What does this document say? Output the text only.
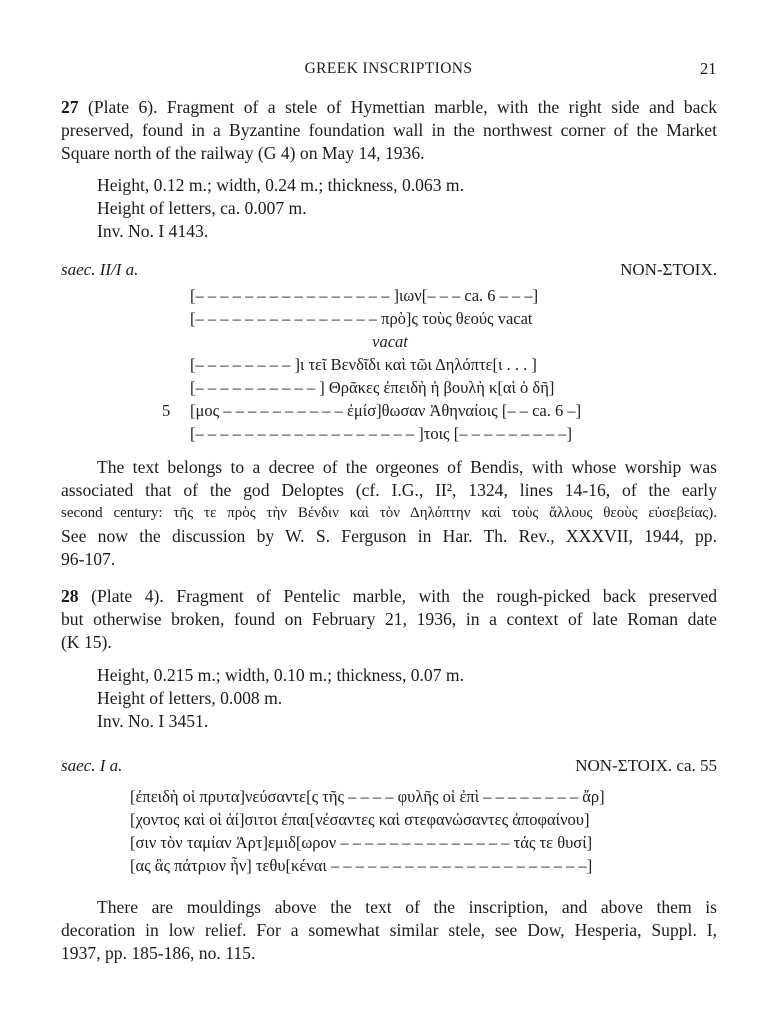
GREEK INSCRIPTIONS	21
27 (Plate 6). Fragment of a stele of Hymettian marble, with the right side and back
preserved, found in a Byzantine foundation wall in the northwest corner of the Market
Square north of the railway (G 4) on May 14, 1936.
Height, 0.12 m.; width, 0.24 m.; thickness, 0.063 m.
Height of letters, ca. 0.007 m.
Inv. No. I 4143.
saec. II/I a.	NON-ΣΤΟΙΧ.
[– – – – – – – – – – – – – – – – ]ιων[– – – ca. 6 – – –]
[– – – – – – – – – – – – – – – πρὸ]ς τοὺς θεούς vacat
vacat
[– – – – – – – – ]ι τεῖ Βενδῖδι καὶ τῶι Δηλόπτε[ι . . . ]
[– – – – – – – – – – ] Θρᾶκες ἐπειδὴ ἡ βουλὴ κ[αὶ ὁ δῆ]
5 [μος – – – – – – – – – – ἐμίσ]θωσαν Ἀθηναίοις [– – ca. 6 –]
[– – – – – – – – – – – – – – – – – – ]τοις [– – – – – – – – –]
The text belongs to a decree of the orgeones of Bendis, with whose worship was
associated that of the god Deloptes (cf. I.G., II², 1324, lines 14-16, of the early
second century: τῆς τε πρὸς τὴν Βένδιν καὶ τὸν Δηλόπτην καὶ τοὺς ἄλλους θεοὺς εὐσεβείας).
See now the discussion by W. S. Ferguson in Har. Th. Rev., XXXVII, 1944, pp.
96-107.
28 (Plate 4). Fragment of Pentelic marble, with the rough-picked back preserved
but otherwise broken, found on February 21, 1936, in a context of late Roman date
(K 15).
Height, 0.215 m.; width, 0.10 m.; thickness, 0.07 m.
Height of letters, 0.008 m.
Inv. No. I 3451.
saec. I a.	NON-ΣΤΟΙΧ. ca. 55
[ἐπειδὴ οἱ πρυτα]νεύσαντε[ς τῆς – – – – φυλῆς οἱ ἐπὶ – – – – – – – – ἄρ]
[χοντος καὶ οἱ ἀί]σιτοι ἐπαι[νέσαντες καὶ στεφανώσαντες ἀποφαίνου]
[σιν τὸν ταμίαν Ἀρτ]εμιδ[ωρον – – – – – – – – – – – – – – τάς τε θυσί]
[ας ἃς πάτριον ἦν] τεθυ[κέναι – – – – – – – – – – – – – – – – – – – – –]
There are mouldings above the text of the inscription, and above them is
decoration in low relief. For a somewhat similar stele, see Dow, Hesperia, Suppl. I,
1937, pp. 185-186, no. 115.
